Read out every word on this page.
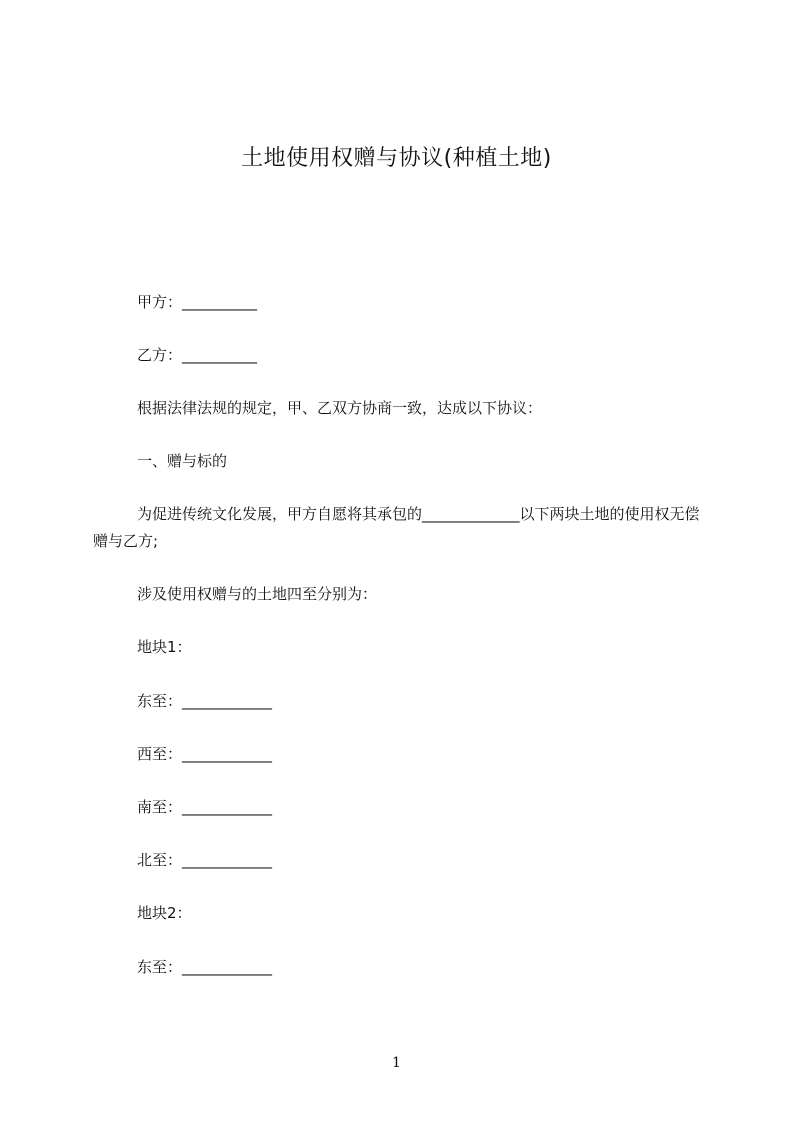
土地使用权赠与协议(种植土地)
甲方：__________
乙方：__________
根据法律法规的规定，甲、乙双方协商一致，达成以下协议：
一、赠与标的
为促进传统文化发展，甲方自愿将其承包的_____________以下两块土地的使用权无偿赠与乙方;
涉及使用权赠与的土地四至分别为：
地块1：
东至：____________
西至：____________
南至：____________
北至：____________
地块2：
东至：____________
1
